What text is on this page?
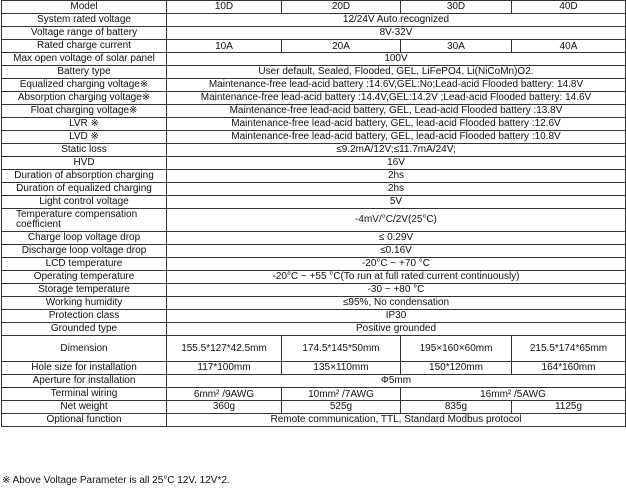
Model	10D	20D	30D	40D
System rated voltage	12/24V Auto recognized			
Voltage range of battery	8V-32V			
Rated charge current	10A	20A	30A	40A
Max open voltage of solar panel	100V			
Battery type	User default, Sealed, Flooded, GEL, LiFePO4, Li(NiCoMn)O2.			
Equalized charging voltage※	Maintenance-free lead-acid battery :14.6V,GEL:No;Lead-acid Flooded battery: 14.8V			
Absorption charging voltage※	Maintenance-free lead-acid battery :14.4V,GEL:14.2V ;Lead-acid Flooded battery: 14.6V			
Float charging voltage※	Maintenance-free lead-acid battery, GEL, Lead-acid Flooded battery :13.8V			
LVR ※	Maintenance-free lead-acid battery, GEL, lead-acid Flooded battery :12.6V			
LVD ※	Maintenance-free lead-acid battery, GEL, lead-acid Flooded battery :10.8V			
Static loss	≤9.2mA/12V;≤11.7mA/24V;			
HVD	16V			
Duration of absorption charging	2hs			
Duration of equalized charging	2hs			
Light control voltage	5V			
Temperature compensation coefficient	-4mV/°C/2V(25°C)			
Charge loop voltage drop	≤ 0.29V			
Discharge loop voltage drop	≤0.16V			
LCD temperature	-20°C ~ +70 °C			
Operating temperature	-20°C ~ +55 °C(To run at full rated current continuously)			
Storage temperature	-30 ~ +80 °C			
Working humidity	≤95%, No condensation			
Protection class	IP30			
Grounded type	Positive grounded			
Dimension	155.5*127*42.5mm	174.5*145*50mm	195×160×60mm	215.5*174*65mm
Hole size for installation	117*100mm	135×110mm	150*120mm	164*160mm
Aperture for installation	Φ5mm			
Terminal wiring	6mm² /9AWG	10mm² /7AWG	16mm² /5AWG	
Net weight	360g	525g	835g	1125g
Optional function	Remote communication, TTL, Standard Modbus protocol			
※ Above Voltage Parameter is all 25°C 12V. 12V*2.
